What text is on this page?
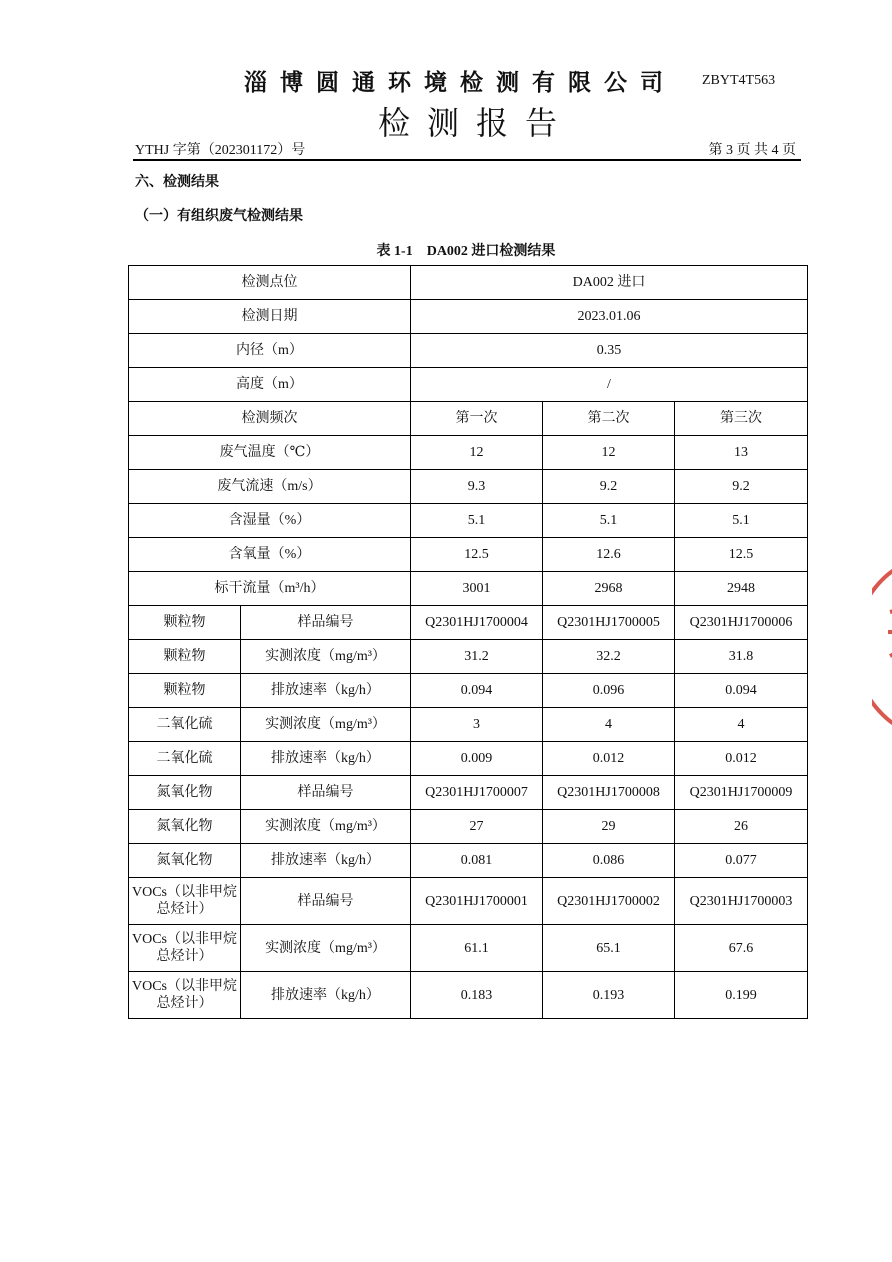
淄博圆通环境检测有限公司 ZBYT4T563
检测报告
YTHJ 字第（202301172）号	第 3 页 共 4 页
六、检测结果
（一）有组织废气检测结果
表 1-1　DA002 进口检测结果
检测点位		DA002 进口		
检测日期		2023.01.06		
内径（m）		0.35		
高度（m）		/		
检测频次		第一次	第二次	第三次
废气温度（℃）		12	12	13
废气流速（m/s）		9.3	9.2	9.2
含湿量（%）		5.1	5.1	5.1
含氧量（%）		12.5	12.6	12.5
标干流量（m³/h）		3001	2968	2948
颗粒物	样品编号	Q2301HJ1700004	Q2301HJ1700005	Q2301HJ1700006
颗粒物	实测浓度（mg/m³）	31.2	32.2	31.8
颗粒物	排放速率（kg/h）	0.094	0.096	0.094
二氧化硫	实测浓度（mg/m³）	3	4	4
二氧化硫	排放速率（kg/h）	0.009	0.012	0.012
氮氧化物	样品编号	Q2301HJ1700007	Q2301HJ1700008	Q2301HJ1700009
氮氧化物	实测浓度（mg/m³）	27	29	26
氮氧化物	排放速率（kg/h）	0.081	0.086	0.077
VOCs（以非甲烷总烃计）	样品编号	Q2301HJ1700001	Q2301HJ1700002	Q2301HJ1700003
VOCs（以非甲烷总烃计）	实测浓度（mg/m³）	61.1	65.1	67.6
VOCs（以非甲烷总烃计）	排放速率（kg/h）	0.183	0.193	0.199
